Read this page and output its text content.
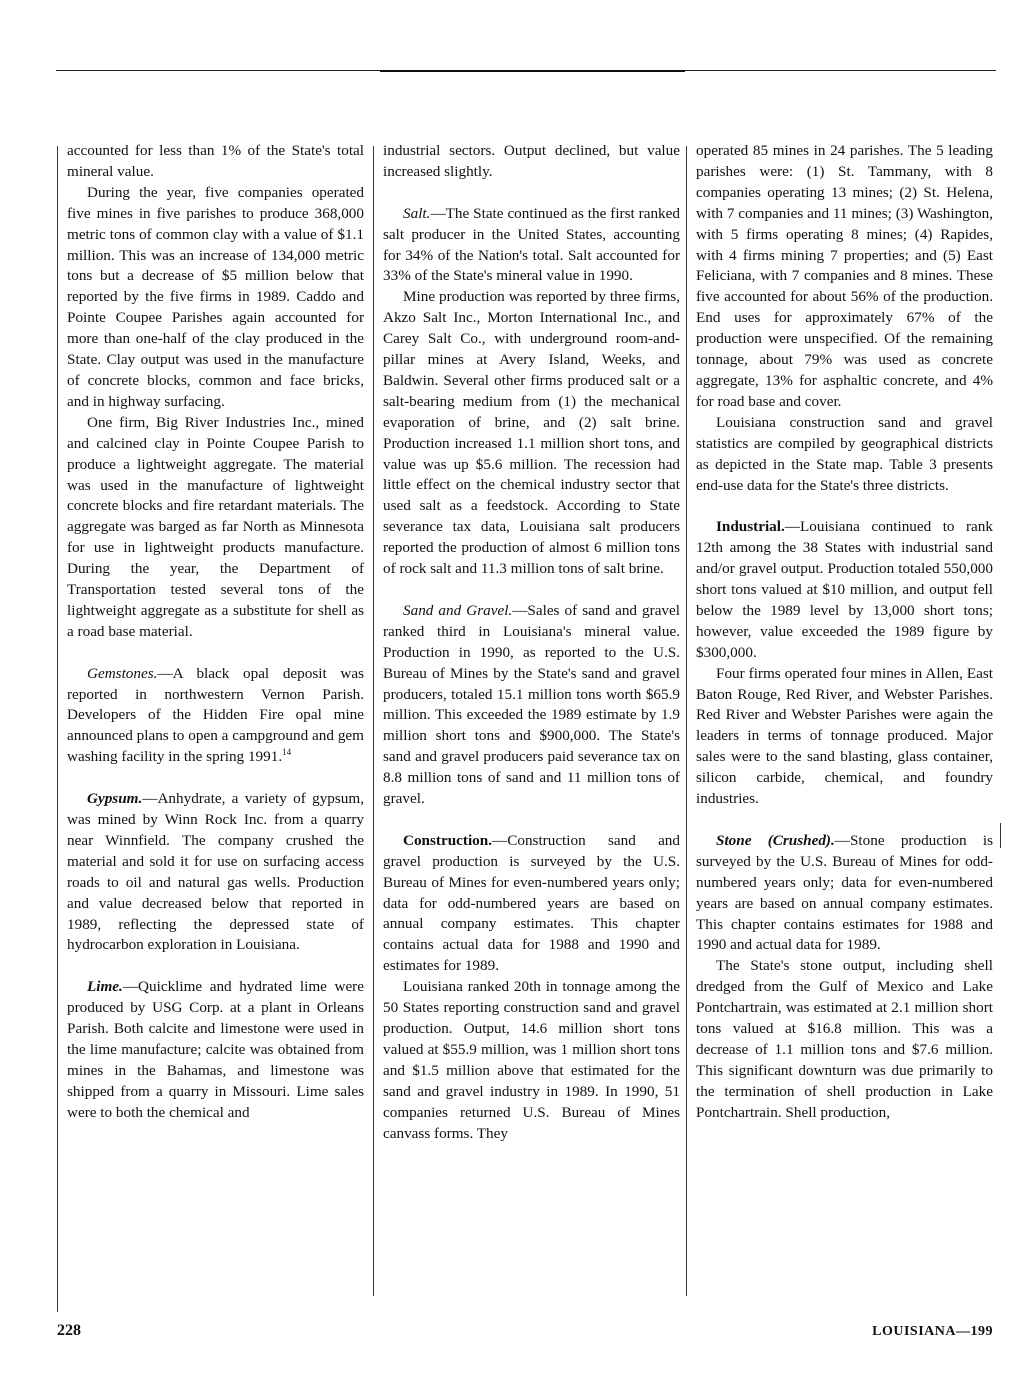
accounted for less than 1% of the State's total mineral value.

During the year, five companies operated five mines in five parishes to produce 368,000 metric tons of common clay with a value of $1.1 million. This was an increase of 134,000 metric tons but a decrease of $5 million below that reported by the five firms in 1989. Caddo and Pointe Coupee Parishes again accounted for more than one-half of the clay produced in the State. Clay output was used in the manufacture of concrete blocks, common and face bricks, and in highway surfacing.

One firm, Big River Industries Inc., mined and calcined clay in Pointe Coupee Parish to produce a lightweight aggregate. The material was used in the manufacture of lightweight concrete blocks and fire retardant materials. The aggregate was barged as far North as Minnesota for use in lightweight products manufacture. During the year, the Department of Transportation tested several tons of the lightweight aggregate as a substitute for shell as a road base material.

Gemstones.—A black opal deposit was reported in northwestern Vernon Parish. Developers of the Hidden Fire opal mine announced plans to open a campground and gem washing facility in the spring 1991.14

Gypsum.—Anhydrate, a variety of gypsum, was mined by Winn Rock Inc. from a quarry near Winnfield. The company crushed the material and sold it for use on surfacing access roads to oil and natural gas wells. Production and value decreased below that reported in 1989, reflecting the depressed state of hydrocarbon exploration in Louisiana.

Lime.—Quicklime and hydrated lime were produced by USG Corp. at a plant in Orleans Parish. Both calcite and limestone were used in the lime manufacture; calcite was obtained from mines in the Bahamas, and limestone was shipped from a quarry in Missouri. Lime sales were to both the chemical and

industrial sectors. Output declined, but value increased slightly.

Salt.—The State continued as the first ranked salt producer in the United States, accounting for 34% of the Nation's total. Salt accounted for 33% of the State's mineral value in 1990.

Mine production was reported by three firms, Akzo Salt Inc., Morton International Inc., and Carey Salt Co., with underground room-and-pillar mines at Avery Island, Weeks, and Baldwin. Several other firms produced salt or a salt-bearing medium from (1) the mechanical evaporation of brine, and (2) salt brine. Production increased 1.1 million short tons, and value was up $5.6 million. The recession had little effect on the chemical industry sector that used salt as a feedstock. According to State severance tax data, Louisiana salt producers reported the production of almost 6 million tons of rock salt and 11.3 million tons of salt brine.

Sand and Gravel.—Sales of sand and gravel ranked third in Louisiana's mineral value. Production in 1990, as reported to the U.S. Bureau of Mines by the State's sand and gravel producers, totaled 15.1 million tons worth $65.9 million. This exceeded the 1989 estimate by 1.9 million short tons and $900,000. The State's sand and gravel producers paid severance tax on 8.8 million tons of sand and 11 million tons of gravel.

Construction.—Construction sand and gravel production is surveyed by the U.S. Bureau of Mines for even-numbered years only; data for odd-numbered years are based on annual company estimates. This chapter contains actual data for 1988 and 1990 and estimates for 1989.

Louisiana ranked 20th in tonnage among the 50 States reporting construction sand and gravel production. Output, 14.6 million short tons valued at $55.9 million, was 1 million short tons and $1.5 million above that estimated for the sand and gravel industry in 1989. In 1990, 51 companies returned U.S. Bureau of Mines canvass forms. They

operated 85 mines in 24 parishes. The 5 leading parishes were: (1) St. Tammany, with 8 companies operating 13 mines; (2) St. Helena, with 7 companies and 11 mines; (3) Washington, with 5 firms operating 8 mines; (4) Rapides, with 4 firms mining 7 properties; and (5) East Feliciana, with 7 companies and 8 mines. These five accounted for about 56% of the production. End uses for approximately 67% of the production were unspecified. Of the remaining tonnage, about 79% was used as concrete aggregate, 13% for asphaltic concrete, and 4% for road base and cover.

Louisiana construction sand and gravel statistics are compiled by geographical districts as depicted in the State map. Table 3 presents end-use data for the State's three districts.

Industrial.—Louisiana continued to rank 12th among the 38 States with industrial sand and/or gravel output. Production totaled 550,000 short tons valued at $10 million, and output fell below the 1989 level by 13,000 short tons; however, value exceeded the 1989 figure by $300,000.

Four firms operated four mines in Allen, East Baton Rouge, Red River, and Webster Parishes. Red River and Webster Parishes were again the leaders in terms of tonnage produced. Major sales were to the sand blasting, glass container, silicon carbide, chemical, and foundry industries.

Stone (Crushed).—Stone production is surveyed by the U.S. Bureau of Mines for odd-numbered years only; data for even-numbered years are based on annual company estimates. This chapter contains estimates for 1988 and 1990 and actual data for 1989.

The State's stone output, including shell dredged from the Gulf of Mexico and Lake Pontchartrain, was estimated at 2.1 million short tons valued at $16.8 million. This was a decrease of 1.1 million tons and $7.6 million. This significant downturn was due primarily to the termination of shell production in Lake Pontchartrain. Shell production,

228	LOUISIANA—199
